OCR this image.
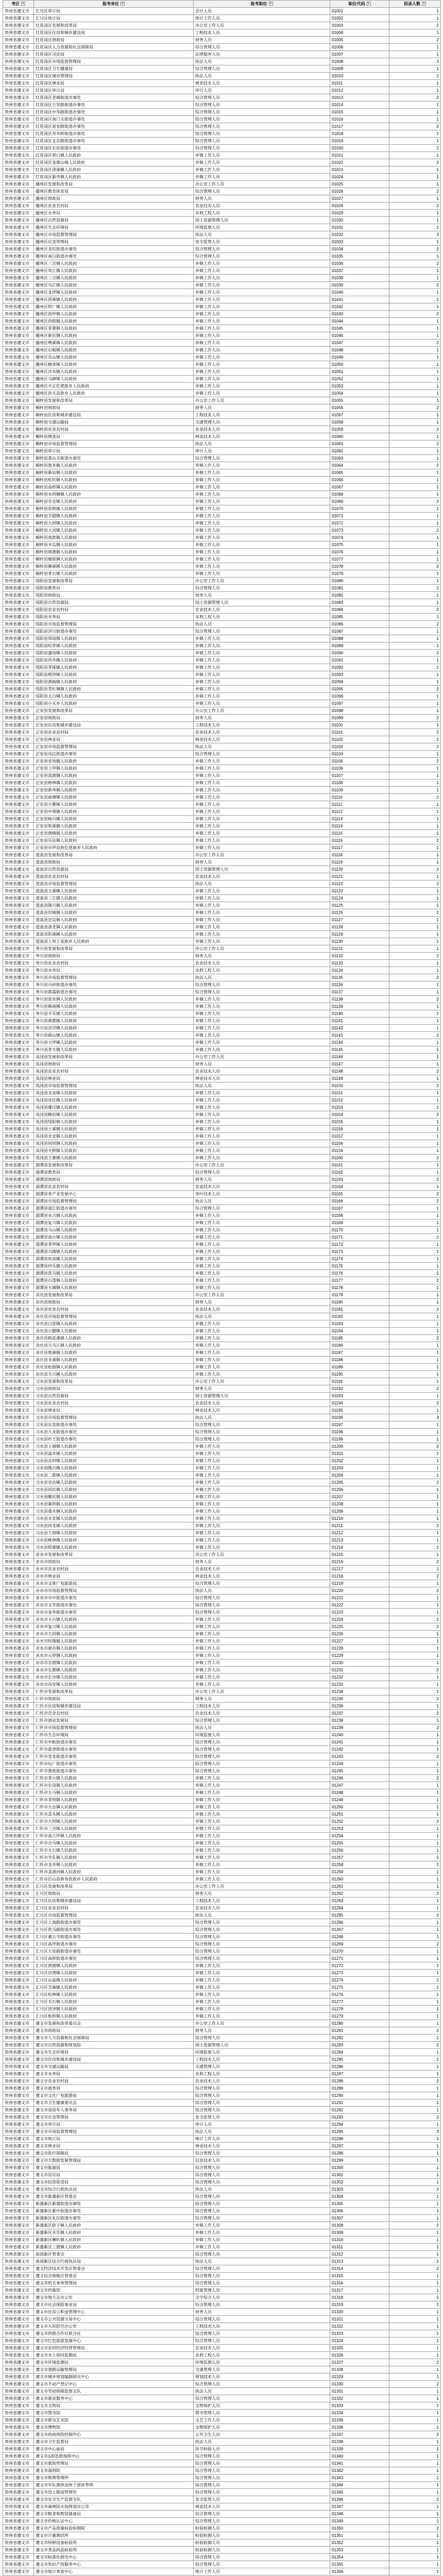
考区 ▾	报考单位 ▾	报考职位 ▾	职位代码 ▾	招录人数 ▾
贵州省遵义市	汇川区审计局	会计人员	01001	1
贵州省遵义市	汇川区统计局	统计工作人员	01002	1
贵州省遵义市	红花岗区发展和改革局	办公室工作人员	01003	2
贵州省遵义市	红花岗区住房和城乡建设局	工程技术人员	01004	1
贵州省遵义市	红花岗区财政局	财务人员	01005	2
贵州省遵义市	红花岗区人力资源和社会保障局	综合管理人员	01006	1
贵州省遵义市	红花岗区司法局	法律服务人员	01007	1
贵州省遵义市	红花岗区市场监督管理局	执法人员	01008	3
贵州省遵义市	红花岗区卫生健康局	综合管理人员	01009	1
贵州省遵义市	红花岗区城市管理局	执法人员	01010	2
贵州省遵义市	红花岗区林业局	林业技术人员	01011	1
贵州省遵义市	红花岗区审计局	审计人员	01012	1
贵州省遵义市	红花岗区老城街道办事处	综合管理人员	01013	2
贵州省遵义市	红花岗区万里路街道办事处	综合管理人员	01014	1
贵州省遵义市	红花岗区中华路街道办事处	综合管理人员	01015	1
贵州省遵义市	红花岗区南门关街道办事处	综合管理人员	01016	1
贵州省遵义市	红花岗区延安路街道办事处	综合管理人员	01017	2
贵州省遵义市	红花岗区舟水桥街道办事处	综合管理人员	01018	1
贵州省遵义市	红花岗区北京路街道办事处	综合管理人员	01019	1
贵州省遵义市	红花岗区长征街道办事处	综合管理人员	01020	2
贵州省遵义市	红花岗区巷口镇人民政府	乡镇工作人员	01021	1
贵州省遵义市	红花岗区金鼎山镇人民政府	乡镇工作人员	01022	2
贵州省遵义市	红花岗区深溪镇人民政府	乡镇工作人员	01023	1
贵州省遵义市	红花岗区新舟镇人民政府	乡镇工作人员	01024	1
贵州省遵义市	播州区发展和改革局	办公室工作人员	01025	1
贵州省遵义市	播州区教育体育局	综合管理人员	01026	2
贵州省遵义市	播州区财政局	财务人员	01027	1
贵州省遵义市	播州区农业农村局	农业技术人员	01028	2
贵州省遵义市	播州区水务局	水利工程人员	01029	1
贵州省遵义市	播州区自然资源局	国土资源管理人员	01030	1
贵州省遵义市	播州区生态环境局	环境监察人员	01031	1
贵州省遵义市	播州区市场监督管理局	执法人员	01032	3
贵州省遵义市	播州区应急管理局	安全监管人员	01033	1
贵州省遵义市	播州区龙坑街道办事处	综合管理人员	01034	2
贵州省遵义市	播州区南白街道办事处	综合管理人员	01035	1
贵州省遵义市	播州区三岔镇人民政府	乡镇工作人员	01036	2
贵州省遵义市	播州区苟江镇人民政府	乡镇工作人员	01037	1
贵州省遵义市	播州区三合镇人民政府	乡镇工作人员	01038	1
贵州省遵义市	播州区乌江镇人民政府	乡镇工作人员	01039	2
贵州省遵义市	播州区龙坪镇人民政府	乡镇工作人员	01040	1
贵州省遵义市	播州区团溪镇人民政府	乡镇工作人员	01041	1
贵州省遵义市	播州区铁厂镇人民政府	乡镇工作人员	01042	1
贵州省遵义市	播州区西坪镇人民政府	乡镇工作人员	01043	2
贵州省遵义市	播州区尚嵇镇人民政府	乡镇工作人员	01044	1
贵州省遵义市	播州区茅栗镇人民政府	乡镇工作人员	01045	1
贵州省遵义市	播州区新民镇人民政府	乡镇工作人员	01046	1
贵州省遵义市	播州区鸭溪镇人民政府	乡镇工作人员	01047	2
贵州省遵义市	播州区石板镇人民政府	乡镇工作人员	01048	1
贵州省遵义市	播州区乐山镇人民政府	乡镇工作人员	01049	1
贵州省遵义市	播州区枫香镇人民政府	乡镇工作人员	01050	1
贵州省遵义市	播州区泮水镇人民政府	乡镇工作人员	01051	1
贵州省遵义市	播州区马蹄镇人民政府	乡镇工作人员	01052	1
贵州省遵义市	播州区平正仡佬族乡人民政府	乡镇工作人员	01053	1
贵州省遵义市	播州区洪关苗族乡人民政府	乡镇工作人员	01054	1
贵州省遵义市	桐梓县发展和改革局	办公室工作人员	01055	1
贵州省遵义市	桐梓县财政局	财务人员	01056	2
贵州省遵义市	桐梓县住房和城乡建设局	工程技术人员	01057	1
贵州省遵义市	桐梓县交通运输局	交通管理人员	01058	1
贵州省遵义市	桐梓县农业农村局	农业技术人员	01059	2
贵州省遵义市	桐梓县林业局	林业技术人员	01060	1
贵州省遵义市	桐梓县市场监督管理局	执法人员	01061	2
贵州省遵义市	桐梓县审计局	审计人员	01062	1
贵州省遵义市	桐梓县娄山关街道办事处	综合管理人员	01063	1
贵州省遵义市	桐梓县楚米镇人民政府	乡镇工作人员	01064	2
贵州省遵义市	桐梓县新站镇人民政府	乡镇工作人员	01065	1
贵州省遵义市	桐梓县松坎镇人民政府	乡镇工作人员	01066	1
贵州省遵义市	桐梓县高桥镇人民政府	乡镇工作人员	01067	1
贵州省遵义市	桐梓县水坝塘镇人民政府	乡镇工作人员	01068	1
贵州省遵义市	桐梓县官仓镇人民政府	乡镇工作人员	01069	2
贵州省遵义市	桐梓县花秋镇人民政府	乡镇工作人员	01070	1
贵州省遵义市	桐梓县羊磴镇人民政府	乡镇工作人员	01071	1
贵州省遵义市	桐梓县九坝镇人民政府	乡镇工作人员	01072	1
贵州省遵义市	桐梓县大河镇人民政府	乡镇工作人员	01073	2
贵州省遵义市	桐梓县夜郎镇人民政府	乡镇工作人员	01074	1
贵州省遵义市	桐梓县木瓜镇人民政府	乡镇工作人员	01075	1
贵州省遵义市	桐梓县坡渡镇人民政府	乡镇工作人员	01076	1
贵州省遵义市	桐梓县燎原镇人民政府	乡镇工作人员	01077	1
贵州省遵义市	桐梓县狮溪镇人民政府	乡镇工作人员	01078	2
贵州省遵义市	桐梓县茅石镇人民政府	乡镇工作人员	01079	1
贵州省遵义市	绥阳县发展和改革局	办公室工作人员	01080	1
贵州省遵义市	绥阳县教育局	综合管理人员	01081	2
贵州省遵义市	绥阳县财政局	财务人员	01082	1
贵州省遵义市	绥阳县自然资源局	国土资源管理人员	01083	1
贵州省遵义市	绥阳县农业农村局	农业技术人员	01084	2
贵州省遵义市	绥阳县水务局	水利工程人员	01085	1
贵州省遵义市	绥阳县市场监督管理局	执法人员	01086	2
贵州省遵义市	绥阳县洋川街道办事处	综合管理人员	01087	1
贵州省遵义市	绥阳县郑场镇人民政府	乡镇工作人员	01088	1
贵州省遵义市	绥阳县旺草镇人民政府	乡镇工作人员	01089	1
贵州省遵义市	绥阳县蒲场镇人民政府	乡镇工作人员	01090	2
贵州省遵义市	绥阳县风华镇人民政府	乡镇工作人员	01091	1
贵州省遵义市	绥阳县茅垭镇人民政府	乡镇工作人员	01092	1
贵州省遵义市	绥阳县枧坝镇人民政府	乡镇工作人员	01093	1
贵州省遵义市	绥阳县黄杨镇人民政府	乡镇工作人员	01094	1
贵州省遵义市	绥阳县青杠塘镇人民政府	乡镇工作人员	01095	2
贵州省遵义市	绥阳县太白镇人民政府	乡镇工作人员	01096	1
贵州省遵义市	绥阳县小关乡人民政府	乡镇工作人员	01097	1
贵州省遵义市	正安县发展和改革局	办公室工作人员	01098	1
贵州省遵义市	正安县财政局	财务人员	01099	2
贵州省遵义市	正安县住房和城乡建设局	工程技术人员	01100	1
贵州省遵义市	正安县农业农村局	农业技术人员	01101	2
贵州省遵义市	正安县林业局	林业技术人员	01102	1
贵州省遵义市	正安县市场监督管理局	执法人员	01103	2
贵州省遵义市	正安县凤仪街道办事处	综合管理人员	01104	1
贵州省遵义市	正安县安场镇人民政府	乡镇工作人员	01105	2
贵州省遵义市	正安县土坪镇人民政府	乡镇工作人员	01106	1
贵州省遵义市	正安县流渡镇人民政府	乡镇工作人员	01107	1
贵州省遵义市	正安县格林镇人民政府	乡镇工作人员	01108	1
贵州省遵义市	正安县新州镇人民政府	乡镇工作人员	01109	1
贵州省遵义市	正安县庙塘镇人民政府	乡镇工作人员	01110	2
贵州省遵义市	正安县小雅镇人民政府	乡镇工作人员	01111	1
贵州省遵义市	正安县中观镇人民政府	乡镇工作人员	01112	1
贵州省遵义市	正安县杨兴镇人民政府	乡镇工作人员	01113	1
贵州省遵义市	正安县和溪镇人民政府	乡镇工作人员	01114	1
贵州省遵义市	正安县碧峰镇人民政府	乡镇工作人员	01115	1
贵州省遵义市	正安县乐俭镇人民政府	乡镇工作人员	01116	2
贵州省遵义市	正安县市坪苗族仡佬族乡人民政府	乡镇工作人员	01117	1
贵州省遵义市	道真县发展和改革局	办公室工作人员	01118	1
贵州省遵义市	道真县财政局	财务人员	01119	1
贵州省遵义市	道真县自然资源局	国土资源管理人员	01120	2
贵州省遵义市	道真县农业农村局	农业技术人员	01121	1
贵州省遵义市	道真县市场监督管理局	执法人员	01122	2
贵州省遵义市	道真县玉溪镇人民政府	乡镇工作人员	01123	1
贵州省遵义市	道真县三江镇人民政府	乡镇工作人员	01124	1
贵州省遵义市	道真县隆兴镇人民政府	乡镇工作人员	01125	1
贵州省遵义市	道真县旧城镇人民政府	乡镇工作人员	01126	2
贵州省遵义市	道真县忠信镇人民政府	乡镇工作人员	01127	1
贵州省遵义市	道真县洛龙镇人民政府	乡镇工作人员	01128	1
贵州省遵义市	道真县阳溪镇人民政府	乡镇工作人员	01129	1
贵州省遵义市	道真县上坝土家族乡人民政府	乡镇工作人员	01130	1
贵州省遵义市	务川县发展和改革局	办公室工作人员	01131	1
贵州省遵义市	务川县财政局	财务人员	01132	2
贵州省遵义市	务川县农业农村局	农业技术人员	01133	1
贵州省遵义市	务川县水务局	水利工程人员	01134	1
贵州省遵义市	务川县市场监督管理局	执法人员	01135	2
贵州省遵义市	务川县丹砂街道办事处	综合管理人员	01136	1
贵州省遵义市	务川县都濡街道办事处	综合管理人员	01137	1
贵州省遵义市	务川县浞水镇人民政府	乡镇工作人员	01138	2
贵州省遵义市	务川县镇南镇人民政府	乡镇工作人员	01139	1
贵州省遵义市	务川县丰乐镇人民政府	乡镇工作人员	01140	1
贵州省遵义市	务川县黄都镇人民政府	乡镇工作人员	01141	1
贵州省遵义市	务川县涪洋镇人民政府	乡镇工作人员	01142	1
贵州省遵义市	务川县砚山镇人民政府	乡镇工作人员	01143	2
贵州省遵义市	务川县大坪镇人民政府	乡镇工作人员	01144	1
贵州省遵义市	务川县茅天镇人民政府	乡镇工作人员	01145	1
贵州省遵义市	凤冈县发展和改革局	办公室工作人员	01146	1
贵州省遵义市	凤冈县财政局	财务人员	01147	1
贵州省遵义市	凤冈县农业农村局	农业技术人员	01148	2
贵州省遵义市	凤冈县林业局	林业技术人员	01149	1
贵州省遵义市	凤冈县市场监督管理局	执法人员	01150	2
贵州省遵义市	凤冈县龙泉镇人民政府	乡镇工作人员	01151	1
贵州省遵义市	凤冈县进化镇人民政府	乡镇工作人员	01152	1
贵州省遵义市	凤冈县琊川镇人民政府	乡镇工作人员	01153	1
贵州省遵义市	凤冈县蜂岩镇人民政府	乡镇工作人员	01154	2
贵州省遵义市	凤冈县绥阳镇人民政府	乡镇工作人员	01155	1
贵州省遵义市	凤冈县土溪镇人民政府	乡镇工作人员	01156	1
贵州省遵义市	凤冈县永安镇人民政府	乡镇工作人员	01157	1
贵州省遵义市	凤冈县何坝镇人民政府	乡镇工作人员	01158	1
贵州省遵义市	凤冈县天桥镇人民政府	乡镇工作人员	01159	1
贵州省遵义市	凤冈县王寨镇人民政府	乡镇工作人员	01160	2
贵州省遵义市	湄潭县发展和改革局	办公室工作人员	01161	1
贵州省遵义市	湄潭县教育局	综合管理人员	01162	1
贵州省遵义市	湄潭县财政局	财务人员	01163	2
贵州省遵义市	湄潭县农业农村局	农业技术人员	01164	1
贵州省遵义市	湄潭县茶产业发展中心	茶叶技术人员	01165	2
贵州省遵义市	湄潭县市场监督管理局	执法人员	01166	2
贵州省遵义市	湄潭县湄江街道办事处	综合管理人员	01167	1
贵州省遵义市	湄潭县永兴镇人民政府	乡镇工作人员	01168	1
贵州省遵义市	湄潭县复兴镇人民政府	乡镇工作人员	01169	1
贵州省遵义市	湄潭县马山镇人民政府	乡镇工作人员	01170	1
贵州省遵义市	湄潭县高台镇人民政府	乡镇工作人员	01171	2
贵州省遵义市	湄潭县茅坪镇人民政府	乡镇工作人员	01172	1
贵州省遵义市	湄潭县兴隆镇人民政府	乡镇工作人员	01173	1
贵州省遵义市	湄潭县鱼泉镇人民政府	乡镇工作人员	01174	1
贵州省遵义市	湄潭县抄乐镇人民政府	乡镇工作人员	01175	1
贵州省遵义市	湄潭县洗马镇人民政府	乡镇工作人员	01176	1
贵州省遵义市	湄潭县石莲镇人民政府	乡镇工作人员	01177	2
贵州省遵义市	湄潭县天城镇人民政府	乡镇工作人员	01178	1
贵州省遵义市	余庆县发展和改革局	办公室工作人员	01179	1
贵州省遵义市	余庆县财政局	财务人员	01180	1
贵州省遵义市	余庆县农业农村局	农业技术人员	01181	2
贵州省遵义市	余庆县市场监督管理局	执法人员	01182	1
贵州省遵义市	余庆县白泥镇人民政府	乡镇工作人员	01183	1
贵州省遵义市	余庆县小腮镇人民政府	乡镇工作人员	01184	1
贵州省遵义市	余庆县构皮滩镇人民政府	乡镇工作人员	01185	2
贵州省遵义市	余庆县大乌江镇人民政府	乡镇工作人员	01186	1
贵州省遵义市	余庆县敖溪镇人民政府	乡镇工作人员	01187	1
贵州省遵义市	余庆县龙溪镇人民政府	乡镇工作人员	01188	1
贵州省遵义市	余庆县松烟镇人民政府	乡镇工作人员	01189	1
贵州省遵义市	余庆县关兴镇人民政府	乡镇工作人员	01190	1
贵州省遵义市	习水县发展和改革局	办公室工作人员	01191	1
贵州省遵义市	习水县财政局	财务人员	01192	2
贵州省遵义市	习水县自然资源局	国土资源管理人员	01193	1
贵州省遵义市	习水县农业农村局	农业技术人员	01194	2
贵州省遵义市	习水县林业局	林业技术人员	01195	1
贵州省遵义市	习水县市场监督管理局	执法人员	01196	3
贵州省遵义市	习水县东皇街道办事处	综合管理人员	01197	1
贵州省遵义市	习水县九龙街道办事处	综合管理人员	01198	1
贵州省遵义市	习水县杉王街道办事处	综合管理人员	01199	1
贵州省遵义市	习水县土城镇人民政府	乡镇工作人员	01200	2
贵州省遵义市	习水县温水镇人民政府	乡镇工作人员	01201	1
贵州省遵义市	习水县良村镇人民政府	乡镇工作人员	01202	1
贵州省遵义市	习水县隆兴镇人民政府	乡镇工作人员	01203	1
贵州省遵义市	习水县二郎镇人民政府	乡镇工作人员	01204	1
贵州省遵义市	习水县官店镇人民政府	乡镇工作人员	01205	2
贵州省遵义市	习水县同民镇人民政府	乡镇工作人员	01206	1
贵州省遵义市	习水县醒民镇人民政府	乡镇工作人员	01207	1
贵州省遵义市	习水县寨坝镇人民政府	乡镇工作人员	01208	1
贵州省遵义市	习水县桑木镇人民政府	乡镇工作人员	01209	1
贵州省遵义市	习水县永安镇人民政府	乡镇工作人员	01210	1
贵州省遵义市	习水县回龙镇人民政府	乡镇工作人员	01211	2
贵州省遵义市	习水县大坡镇人民政府	乡镇工作人员	01212	1
贵州省遵义市	习水县桃林镇人民政府	乡镇工作人员	01213	1
贵州省遵义市	习水县程寨镇人民政府	乡镇工作人员	01214	1
贵州省遵义市	赤水市发展和改革局	办公室工作人员	01215	1
贵州省遵义市	赤水市财政局	财务人员	01216	2
贵州省遵义市	赤水市农业农村局	农业技术人员	01217	1
贵州省遵义市	赤水市林业局	林业技术人员	01218	2
贵州省遵义市	赤水市文体广电旅游局	综合管理人员	01219	1
贵州省遵义市	赤水市市场监督管理局	执法人员	01220	2
贵州省遵义市	赤水市市中街道办事处	综合管理人员	01221	1
贵州省遵义市	赤水市文华街道办事处	综合管理人员	01222	1
贵州省遵义市	赤水市金华街道办事处	综合管理人员	01223	1
贵州省遵义市	赤水市天台镇人民政府	乡镇工作人员	01224	1
贵州省遵义市	赤水市复兴镇人民政府	乡镇工作人员	01225	2
贵州省遵义市	赤水市大同镇人民政府	乡镇工作人员	01226	1
贵州省遵义市	赤水市旺隆镇人民政府	乡镇工作人员	01227	1
贵州省遵义市	赤水市葫市镇人民政府	乡镇工作人员	01228	1
贵州省遵义市	赤水市元厚镇人民政府	乡镇工作人员	01229	1
贵州省遵义市	赤水市官渡镇人民政府	乡镇工作人员	01230	1
贵州省遵义市	赤水市长期镇人民政府	乡镇工作人员	01231	2
贵州省遵义市	赤水市长沙镇人民政府	乡镇工作人员	01232	1
贵州省遵义市	赤水市丙安镇人民政府	乡镇工作人员	01233	1
贵州省遵义市	仁怀市发展和改革局	办公室工作人员	01234	1
贵州省遵义市	仁怀市财政局	财务人员	01235	2
贵州省遵义市	仁怀市住房和城乡建设局	工程技术人员	01236	1
贵州省遵义市	仁怀市农业农村局	农业技术人员	01237	2
贵州省遵义市	仁怀市酒业发展局	综合管理人员	01238	1
贵州省遵义市	仁怀市市场监督管理局	执法人员	01239	3
贵州省遵义市	仁怀市生态环境局	环境监察人员	01240	1
贵州省遵义市	仁怀市中枢街道办事处	综合管理人员	01241	1
贵州省遵义市	仁怀市盐津街道办事处	综合管理人员	01242	1
贵州省遵义市	仁怀市苍龙街道办事处	综合管理人员	01243	2
贵州省遵义市	仁怀市坛厂街道办事处	综合管理人员	01244	1
贵州省遵义市	仁怀市鲁班街道办事处	综合管理人员	01245	1
贵州省遵义市	仁怀市茅台镇人民政府	乡镇工作人员	01246	2
贵州省遵义市	仁怀市长岗镇人民政府	乡镇工作人员	01247	1
贵州省遵义市	仁怀市五马镇人民政府	乡镇工作人员	01248	1
贵州省遵义市	仁怀市茅坝镇人民政府	乡镇工作人员	01249	1
贵州省遵义市	仁怀市九仓镇人民政府	乡镇工作人员	01250	1
贵州省遵义市	仁怀市喜头镇人民政府	乡镇工作人员	01251	1
贵州省遵义市	仁怀市大坝镇人民政府	乡镇工作人员	01252	2
贵州省遵义市	仁怀市三合镇人民政府	乡镇工作人员	01253	1
贵州省遵义市	仁怀市高大坪镇人民政府	乡镇工作人员	01254	1
贵州省遵义市	仁怀市合马镇人民政府	乡镇工作人员	01255	1
贵州省遵义市	仁怀市火石镇人民政府	乡镇工作人员	01256	1
贵州省遵义市	仁怀市学孔镇人民政府	乡镇工作人员	01257	1
贵州省遵义市	仁怀市龙井镇人民政府	乡镇工作人员	01258	2
贵州省遵义市	仁怀市美酒河镇人民政府	乡镇工作人员	01259	1
贵州省遵义市	仁怀市后山苗族布依族乡人民政府	乡镇工作人员	01260	1
贵州省遵义市	汇川区发展和改革局	办公室工作人员	01261	1
贵州省遵义市	汇川区财政局	财务人员	01262	2
贵州省遵义市	汇川区住房和城乡建设局	工程技术人员	01263	1
贵州省遵义市	汇川区农业农村局	农业技术人员	01264	1
贵州省遵义市	汇川区市场监督管理局	执法人员	01265	2
贵州省遵义市	汇川区上海路街道办事处	综合管理人员	01266	1
贵州省遵义市	汇川区洗马路街道办事处	综合管理人员	01267	1
贵州省遵义市	汇川区董公寺街道办事处	综合管理人员	01268	1
贵州省遵义市	汇川区高坪街道办事处	综合管理人员	01269	2
贵州省遵义市	汇川区大连路街道办事处	综合管理人员	01270	1
贵州省遵义市	汇川区高桥街道办事处	综合管理人员	01271	1
贵州省遵义市	汇川区泗渡镇人民政府	乡镇工作人员	01272	1
贵州省遵义市	汇川区沙湾镇人民政府	乡镇工作人员	01273	1
贵州省遵义市	汇川区山盆镇人民政府	乡镇工作人员	01274	2
贵州省遵义市	汇川区芝麻镇人民政府	乡镇工作人员	01275	1
贵州省遵义市	汇川区松林镇人民政府	乡镇工作人员	01276	1
贵州省遵义市	汇川区毛石镇人民政府	乡镇工作人员	01277	1
贵州省遵义市	汇川区团泽镇人民政府	乡镇工作人员	01278	1
贵州省遵义市	汇川区板桥镇人民政府	乡镇工作人员	01279	1
贵州省遵义市	遵义市发展和改革委员会	办公室工作人员	01280	1
贵州省遵义市	遵义市财政局	财务人员	01281	2
贵州省遵义市	遵义市人力资源和社会保障局	综合管理人员	01282	1
贵州省遵义市	遵义市自然资源和规划局	国土资源管理人员	01283	2
贵州省遵义市	遵义市生态环境局	环境监察人员	01284	1
贵州省遵义市	遵义市住房和城乡建设局	工程技术人员	01285	1
贵州省遵义市	遵义市交通运输局	交通管理人员	01286	1
贵州省遵义市	遵义市水务局	水利工程人员	01287	1
贵州省遵义市	遵义市农业农村局	农业技术人员	01288	2
贵州省遵义市	遵义市商务局	综合管理人员	01289	1
贵州省遵义市	遵义市文化广电旅游局	综合管理人员	01290	1
贵州省遵义市	遵义市卫生健康委员会	综合管理人员	01291	1
贵州省遵义市	遵义市退役军人事务局	综合管理人员	01292	1
贵州省遵义市	遵义市应急管理局	安全监管人员	01293	2
贵州省遵义市	遵义市审计局	审计人员	01294	1
贵州省遵义市	遵义市市场监督管理局	执法人员	01295	3
贵州省遵义市	遵义市统计局	统计工作人员	01296	1
贵州省遵义市	遵义市林业局	林业技术人员	01297	1
贵州省遵义市	遵义市医疗保障局	综合管理人员	01298	1
贵州省遵义市	遵义市大数据发展管理局	信息技术人员	01299	1
贵州省遵义市	遵义市能源局	综合管理人员	01300	1
贵州省遵义市	遵义市信访局	综合管理人员	01301	1
贵州省遵义市	遵义市投资促进局	综合管理人员	01302	1
贵州省遵义市	遵义市综合行政执法局	执法人员	01303	2
贵州省遵义市	遵义市新蒲新区管委会	综合管理人员	01304	1
贵州省遵义市	新蒲新区新蒲街道办事处	综合管理人员	01305	1
贵州省遵义市	新蒲新区新中街道办事处	综合管理人员	01306	1
贵州省遵义市	新蒲新区礼仪街道办事处	综合管理人员	01307	1
贵州省遵义市	新蒲新区虾子镇人民政府	乡镇工作人员	01308	2
贵州省遵义市	新蒲新区永乐镇人民政府	乡镇工作人员	01309	1
贵州省遵义市	新蒲新区喇叭镇人民政府	乡镇工作人员	01310	1
贵州省遵义市	新蒲新区三渡镇人民政府	乡镇工作人员	01311	1
贵州省遵义市	南部新区管委会	综合管理人员	01312	1
贵州省遵义市	南部新区综合行政执法局	执法人员	01313	1
贵州省遵义市	遵义经济技术开发区管委会	综合管理人员	01314	2
贵州省遵义市	遵义综合保税区管委会	综合管理人员	01315	1
贵州省遵义市	遵义市机关事务管理局	综合管理人员	01316	1
贵州省遵义市	遵义市档案馆	档案管理人员	01317	1
贵州省遵义市	遵义市地方志办公室	文字综合人员	01318	1
贵州省遵义市	遵义市社会保险事业局	综合管理人员	01319	2
贵州省遵义市	遵义市住房公积金管理中心	财务人员	01320	1
贵州省遵义市	遵义市公共资源交易中心	综合管理人员	01321	1
贵州省遵义市	遵义市人民防空办公室	工程技术人员	01322	1
贵州省遵义市	遵义市供销合作社联合社	综合管理人员	01323	1
贵州省遵义市	遵义市红色旅游发展中心	综合管理人员	01324	1
贵州省遵义市	遵义市农村经济经营管理站	农业技术人员	01325	1
贵州省遵义市	遵义市水土保持监测站	水利工程人员	01326	1
贵州省遵义市	遵义市环境监测站	环境监测人员	01327	2
贵州省遵义市	遵义市道路运输管理局	交通管理人员	01328	1
贵州省遵义市	遵义市城乡规划编制研究中心	规划技术人员	01329	1
贵州省遵义市	遵义市不动产登记中心	综合管理人员	01330	2
贵州省遵义市	遵义市劳动保障监察支队	执法人员	01331	1
贵州省遵义市	遵义市就业服务中心	综合管理人员	01332	1
贵州省遵义市	遵义市文物局	文物保护人员	01333	1
贵州省遵义市	遵义市图书馆	图书管理人员	01334	1
贵州省遵义市	遵义市群众艺术馆	文艺工作人员	01335	1
贵州省遵义市	遵义市博物馆	文物保护人员	01336	1
贵州省遵义市	遵义市疾病预防控制中心	公共卫生人员	01337	2
贵州省遵义市	遵义市卫生监督局	执法人员	01338	1
贵州省遵义市	遵义市中心血站	医学检验人员	01339	1
贵州省遵义市	遵义市120急救指挥中心	综合管理人员	01340	1
贵州省遵义市	遵义市救助管理站	综合管理人员	01341	1
贵州省遵义市	遵义市福利院	综合管理人员	01342	1
贵州省遵义市	遵义市殡葬管理所	综合管理人员	01343	1
贵州省遵义市	遵义市军队离休退休干部休养所	综合管理人员	01344	1
贵州省遵义市	遵义市烈士陵园管理处	综合管理人员	01345	1
贵州省遵义市	遵义市安全生产监察支队	安全监管人员	01346	2
贵州省遵义市	遵义市森林防火指挥部办公室	林业技术人员	01347	1
贵州省遵义市	遵义市粮食和物资储备局	综合管理人员	01348	1
贵州省遵义市	遵义市价格认证中心	综合管理人员	01349	1
贵州省遵义市	遵义市产品质量检验检测院	检验检测人员	01350	2
贵州省遵义市	遵义市计量测试所	检验检测人员	01351	1
贵州省遵义市	遵义市特种设备检验所	检验检测人员	01352	1
贵州省遵义市	遵义市食品药品检验所	检验检测人员	01353	1
贵州省遵义市	遵义市标准化研究中心	综合管理人员	01354	1
贵州省遵义市	遵义市知识产权服务中心	综合管理人员	01355	1
贵州省遵义市	遵义市统计普查中心	统计工作人员	01356	1
